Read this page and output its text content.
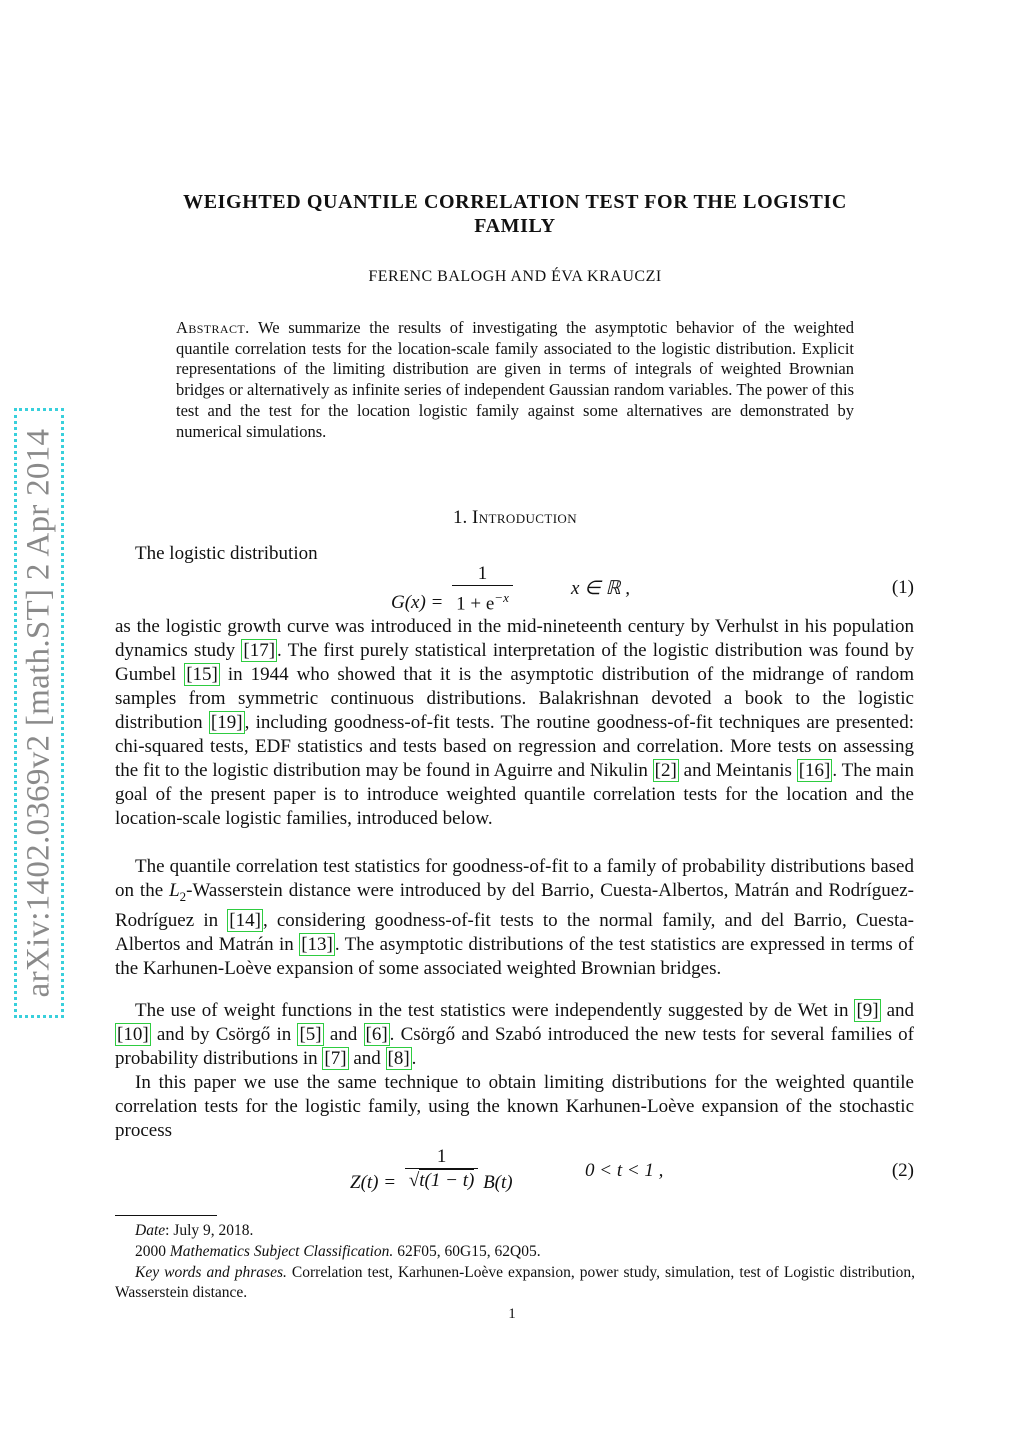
arXiv:1402.0369v2 [math.ST] 2 Apr 2014
WEIGHTED QUANTILE CORRELATION TEST FOR THE LOGISTIC
FAMILY
FERENC BALOGH AND ÉVA KRAUCZI
Abstract. We summarize the results of investigating the asymptotic behavior of the weighted quantile correlation tests for the location-scale family associated to the logistic distribution. Explicit representations of the limiting distribution are given in terms of integrals of weighted Brownian bridges or alternatively as infinite series of independent Gaussian random variables. The power of this test and the test for the location logistic family against some alternatives are demonstrated by numerical simulations.
1. Introduction
The logistic distribution
$G(x) = \frac{1}{1 + e^{-x}}$	x ∈ ℝ ,	(1)
as the logistic growth curve was introduced in the mid-nineteenth century by Verhulst in his population dynamics study [17] . The first purely statistical interpretation of the logistic distribution was found by Gumbel [15] in 1944 who showed that it is the asymptotic distribution of the midrange of random samples from symmetric continuous distributions. Balakrishnan devoted a book to the logistic distribution [19] , including goodness-of-fit tests. The routine goodness-of-fit techniques are presented: chi-squared tests, EDF statistics and tests based on regression and correlation. More tests on assessing the fit to the logistic distribution may be found in Aguirre and Nikulin [2] and Meintanis [16] . The main goal of the present paper is to introduce weighted quantile correlation tests for the location and the location-scale logistic families, introduced below.
The quantile correlation test statistics for goodness-of-fit to a family of probability distributions based on the $L_2$-Wasserstein distance were introduced by del Barrio, Cuesta-Albertos, Matrán and Rodríguez-Rodríguez in [14] , considering goodness-of-fit tests to the normal family, and del Barrio, Cuesta-Albertos and Matrán in [13] . The asymptotic distributions of the test statistics are expressed in terms of the Karhunen-Loève expansion of some associated weighted Brownian bridges.
The use of weight functions in the test statistics were independently suggested by de Wet in [9] and [10] and by Csörgő in [5] and [6] . Csörgő and Szabó introduced the new tests for several families of probability distributions in [7] and [8] .
In this paper we use the same technique to obtain limiting distributions for the weighted quantile correlation tests for the logistic family, using the known Karhunen-Loève expansion of the stochastic process
$Z(t) = \frac{1}{√t(1 - t)} B(t)$
0 < t < 1 ,	(2)
Date: July 9, 2018.
2000 Mathematics Subject Classification. 62F05, 60G15, 62Q05.
Key words and phrases. Correlation test, Karhunen-Loève expansion, power study, simulation, test of Logistic distribution, Wasserstein distance.
1
